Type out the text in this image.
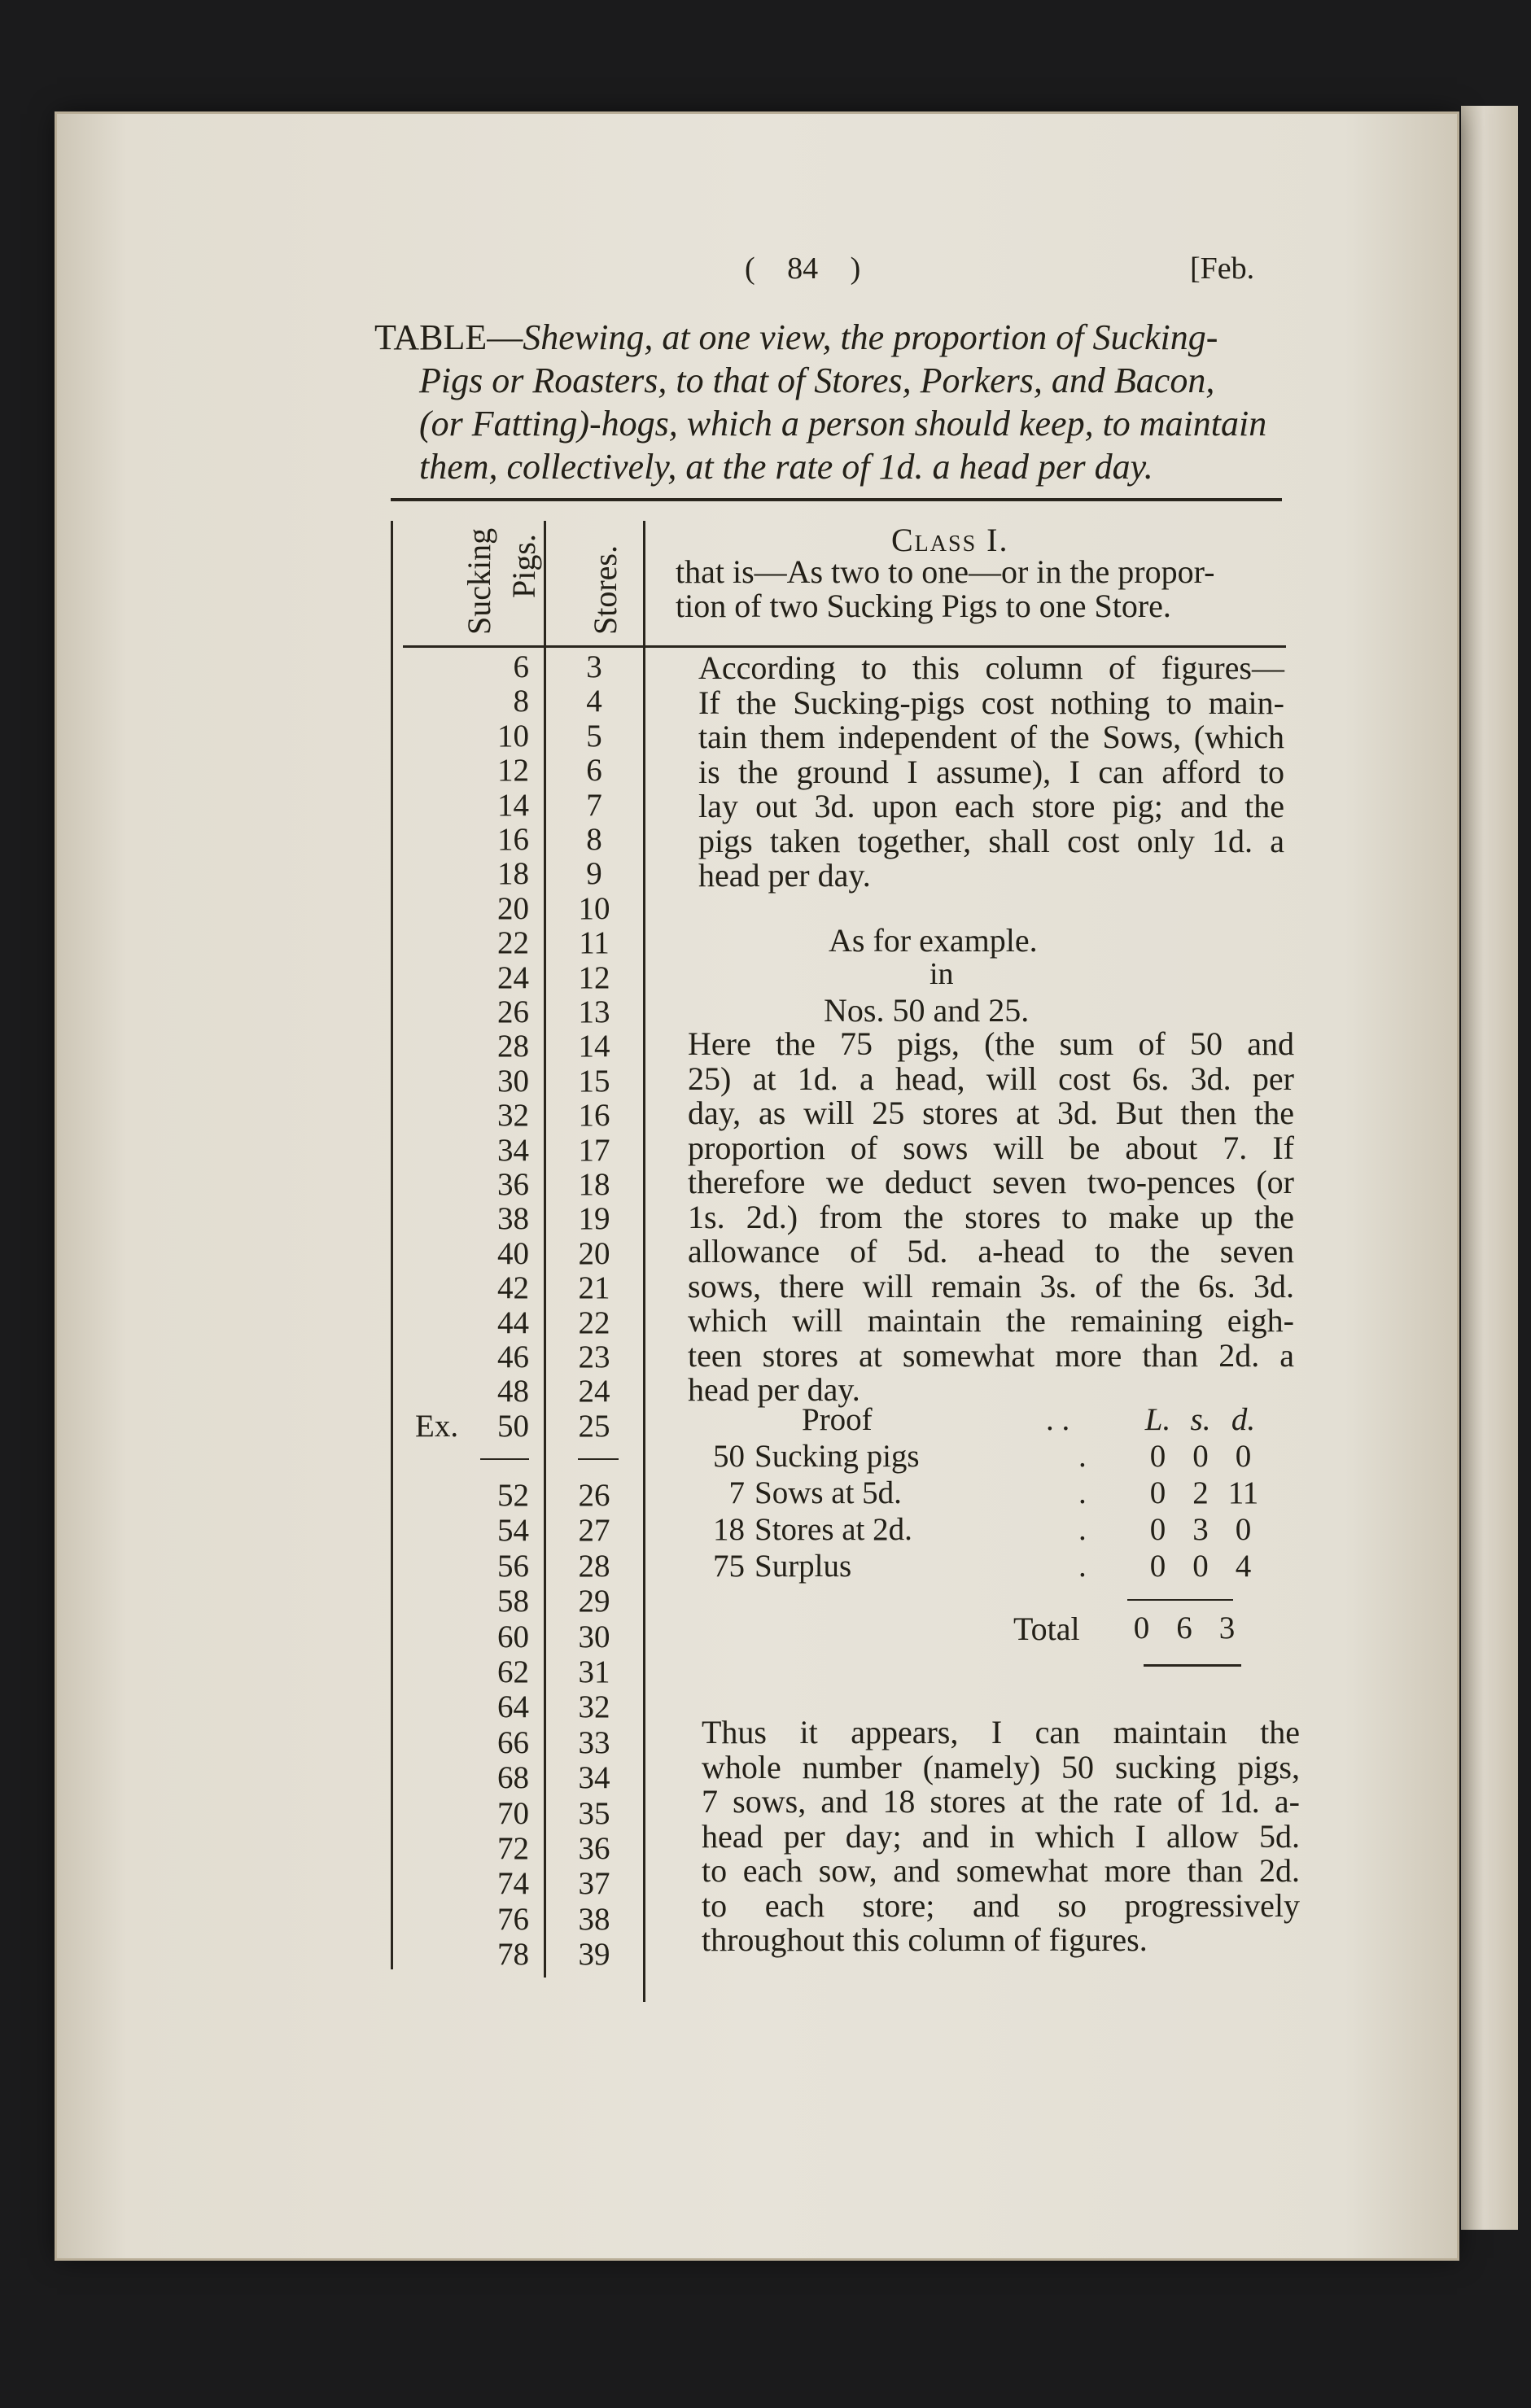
( 84 )	[Feb.
TABLE—Shewing, at one view, the proportion of Sucking-
Pigs or Roasters, to that of Stores, Porkers, and Bacon,
(or Fatting)-hogs, which a person should keep, to maintain
them, collectively, at the rate of 1d. a head per day.
Sucking Pigs. Stores.
Class I.
that is—As two to one—or in the propor-
tion of two Sucking Pigs to one Store.
6	3
8	4
10	5
12	6
14	7
16	8
18	9
20	10
22	11
24	12
26	13
28	14
30	15
32	16
34	17
36	18
38	19
40	20
42	21
44	22
46	23
48	24
50	25
Ex.
52	26
54	27
56	28
58	29
60	30
62	31
64	32
66	33
68	34
70	35
72	36
74	37
76	38
78	39
According to this column of figures—
If the Sucking-pigs cost nothing to main-
tain them independent of the Sows, (which
is the ground I assume), I can afford to
lay out 3d. upon each store pig; and the
pigs taken together, shall cost only 1d. a
head per day.
As for example.
in
Nos. 50 and 25.
Here the 75 pigs, (the sum of 50 and
25) at 1d. a head, will cost 6s. 3d. per
day, as will 25 stores at 3d. But then the
proportion of sows will be about 7. If
therefore we deduct seven two-pences (or
1s. 2d.) from the stores to make up the
allowance of 5d. a-head to the seven
sows, there will remain 3s. of the 6s. 3d.
which will maintain the remaining eigh-
teen stores at somewhat more than 2d. a
head per day.
	Proof	. .	L.	s.	d.
50	Sucking pigs	.	0	0	0
7	Sows at 5d.	.	0	2	11
18	Stores at 2d.	.	0	3	0
75	Surplus	.	0	0	4
Total	0 6 3
Thus it appears, I can maintain the
whole number (namely) 50 sucking pigs,
7 sows, and 18 stores at the rate of 1d. a-
head per day; and in which I allow 5d.
to each sow, and somewhat more than 2d.
to each store; and so progressively
throughout this column of figures.
